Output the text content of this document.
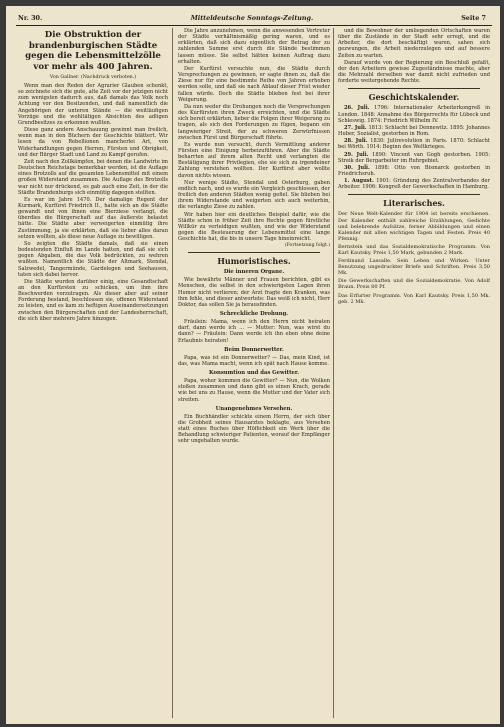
Nr. 30.	Mitteldeutsche Sonntags-Zeitung.	Seite 7
Die Obstruktion der brandenburgischen Städte gegen die Lebensmittelzölle vor mehr als 400 Jahren.
Von Gallner. (Nachdruck verboten.)

Wenn man den Reden der Agrarier Glauben schenkt, so zeichnete sich die gute, alte Zeit vor der jetzigen nicht zum wenigsten dadurch aus, daß damals das Volk noch Achtung vor den Besitzenden, und daß namentlich die Angehörigen der unteren Stände — die weitläufigen Vorzüge und die wohltätigen Absichten des adligen Grundbesitzes zu erkennen wußten.

Diese ganz andere Anschauung gewinnt man freilich, wenn man in den Büchern der Geschichte blättert. Wir lesen da von Rebellionen mancherlei Art, von Widerhandlungen gegen Herren, Fürsten und Obrigkeit, und der Bürger Stadt und Land zu Kampf gerufen.

Zeit nach den Zollkämpfen, bei denen die Landwirte im Deutschen Reichstage bemerkbar werden, ist die Auflage eines Brotzolls auf die gesamten Lebensmittel mit einem großen Widerstand zusammen. Die Auflage des Brotzolls war nicht nur drückend, es gab auch eine Zeit, in der die Städte Brandenburgs sich einmütig dagegen stellten.

Es war im Jahre 1470. Der damalige Regent der Kurmark, Kurfürst Friedrich II., hatte sich an die Städte gewandt und von ihnen eine Bierziese verlangt, die überdies die Bürgerschaft auf das äußerste belastet hätte. Die Städte aber verweigerten einmütig ihre Zustimmung, ja sie erklärten, daß sie lieber alles daran setzen wollten, als diese neue Auflage zu bewilligen.

So zeigten die Städte damals, daß sie einen bedeutenden Einfluß im Lande hatten, und daß sie sich gegen Abgaben, die das Volk bedrückten, zu wehren wußten. Namentlich die Städte der Altmark, Stendal, Salzwedel, Tangermünde, Gardelegen und Seehausen, taten sich dabei hervor.

Die Städte wurden darüber einig, eine Gesandtschaft an den Kurfürsten zu schicken, um ihm ihre Beschwerden vorzutragen. Als dieser aber auf seiner Forderung bestand, beschlossen sie, offenen Widerstand zu leisten, und es kam zu heftigen Auseinandersetzungen zwischen den Bürgerschaften und der Landesherrschaft, die sich über mehrere Jahre hinzogen.

Die Jahre anzunehmen, wenn die anwesenden Vertreter der Städte verhältnismäßig gering waren, und es erklärten, daß sich dazu eigentlich der Betrag der zu zahlenden Summe erst durch die Stände bestimmen lassen müsse. Sie selbst hätten keinen Auftrag dazu erhalten.

Der Kurfürst versuchte nun, die Städte durch Versprechungen zu gewinnen, er sagte ihnen zu, daß die Ziese nur für eine bestimmte Reihe von Jahren erhoben werden solle, und daß sie nach Ablauf dieser Frist wieder fallen würde. Doch die Städte blieben fest bei ihrer Weigerung.

Da nun weder die Drohungen noch die Versprechungen des Kurfürsten ihren Zweck erreichten, und die Städte sich bereit erklärten, lieber die Folgen ihrer Weigerung zu tragen, als sich den Forderungen zu fügen, begann ein langwieriger Streit, der zu schweren Zerwürfnissen zwischen Fürst und Bürgerschaft führte.

Es wurde nun versucht, durch Vermittlung anderer Fürsten eine Einigung herbeizuführen. Aber die Städte beharrten auf ihrem alten Recht und verlangten die Bestätigung ihrer Privilegien, ehe sie sich zu irgendeiner Zahlung verstehen wollten. Der Kurfürst aber wollte davon nichts wissen.

Nur wenige Städte, Stendal und Osterburg, gaben endlich nach, und es wurde ein Vergleich geschlossen, der freilich den anderen Städten wenig gefiel. Sie blieben bei ihrem Widerstande und weigerten sich auch weiterhin, die verlangte Ziese zu zahlen.

Wir haben hier ein deutliches Beispiel dafür, wie die Städte schon in früher Zeit ihre Rechte gegen fürstliche Willkür zu verteidigen wußten, und wie der Widerstand gegen die Besteuerung der Lebensmittel eine lange Geschichte hat, die bis in unsere Tage hineinreicht.

(Fortsetzung folgt.)
Humoristisches.
Die inneren Organe.

Wie bewährte Männer und Frauen berichten, gibt es Menschen, die selbst in den schwierigsten Lagen ihren Humor nicht verlieren; der Arzt fragte den Kranken, was ihm fehle, und dieser antwortete: Das weiß ich nicht, Herr Doktor, das sollen Sie ja herausfinden.

Schreckliche Drohung.

Fräulein: Mama, wenn ich den Herrn nicht heiraten darf, dann werde ich ... — Mutter: Nun, was wirst du dann? — Fräulein: Dann werde ich ihn eben ohne deine Erlaubnis heiraten!

Beim Donnerwetter.

Papa, was ist ein Donnerwetter? — Das, mein Kind, ist das, was Mama macht, wenn ich spät nach Hause komme.

Konsumtion und das Gewitter.

Papa, woher kommen die Gewitter? — Nun, die Wolken stoßen zusammen und dann gibt es einen Krach, gerade wie bei uns zu Hause, wenn die Mutter und der Vater sich streiten.

Unangenehmes Versehen.

Ein Buchhändler schickte einem Herrn, der sich über die Grobheit seines Hausarztes beklagte, aus Versehen statt eines Buches über Höflichkeit ein Werk über die Behandlung schwieriger Patienten, worauf der Empfänger sehr ungehalten wurde.

und die Bewohner der umliegenden Ortschaften waren über die Zustände in der Stadt sehr erregt, und die Arbeiter, die dort beschäftigt waren, sahen sich gezwungen, die Arbeit niederzulegen und auf bessere Zeiten zu warten.

Darauf wurde von der Regierung ein Beschluß gefaßt, der den Arbeitern gewisse Zugeständnisse machte, aber die Mehrzahl derselben war damit nicht zufrieden und forderte weitergehende Rechte.

Geschichtskalender.

26. Juli. 1796: Internationaler Arbeiterkongreß in London. 1848: Annahme des Bürgerrechts für Lübeck und Schleswig. 1874: Friedrich Wilhelm IV.

27. Juli. 1813: Schlacht bei Dennewitz. 1895: Johannes Huber, Sozialist, gestorben in Rom.

28. Juli. 1830: Julirevolution in Paris. 1870: Schlacht bei Wörth. 1914: Beginn des Weltkrieges.

29. Juli. 1890: Vincent van Gogh gestorben. 1905: Streik der Bergarbeiter im Ruhrgebiet.

30. Juli. 1898: Otto von Bismarck gestorben in Friedrichsruh.

1. August. 1901: Gründung des Zentralverbandes der Arbeiter. 1906: Kongreß der Gewerkschaften in Hamburg.

Literarisches.

Der Neue Welt-Kalender für 1904 ist bereits erschienen. Der Kalender enthält zahlreiche Erzählungen, Gedichte und belehrende Aufsätze, ferner Abbildungen und einen Kalender mit allen wichtigen Tagen und Festen. Preis 40 Pfennig.

Bernstein und das Sozialdemokratische Programm. Von Karl Kautsky. Preis 1,50 Mark, gebunden 2 Mark.

Ferdinand Lassalle. Sein Leben und Wirken. Unter Benutzung ungedruckter Briefe und Schriften. Preis 3,50 Mk.

Die Gewerkschaften und die Sozialdemokratie. Von Adolf Braun. Preis 80 Pf.

Das Erfurter Programm. Von Karl Kautsky. Preis 1,50 Mk. geb. 2 Mk.
